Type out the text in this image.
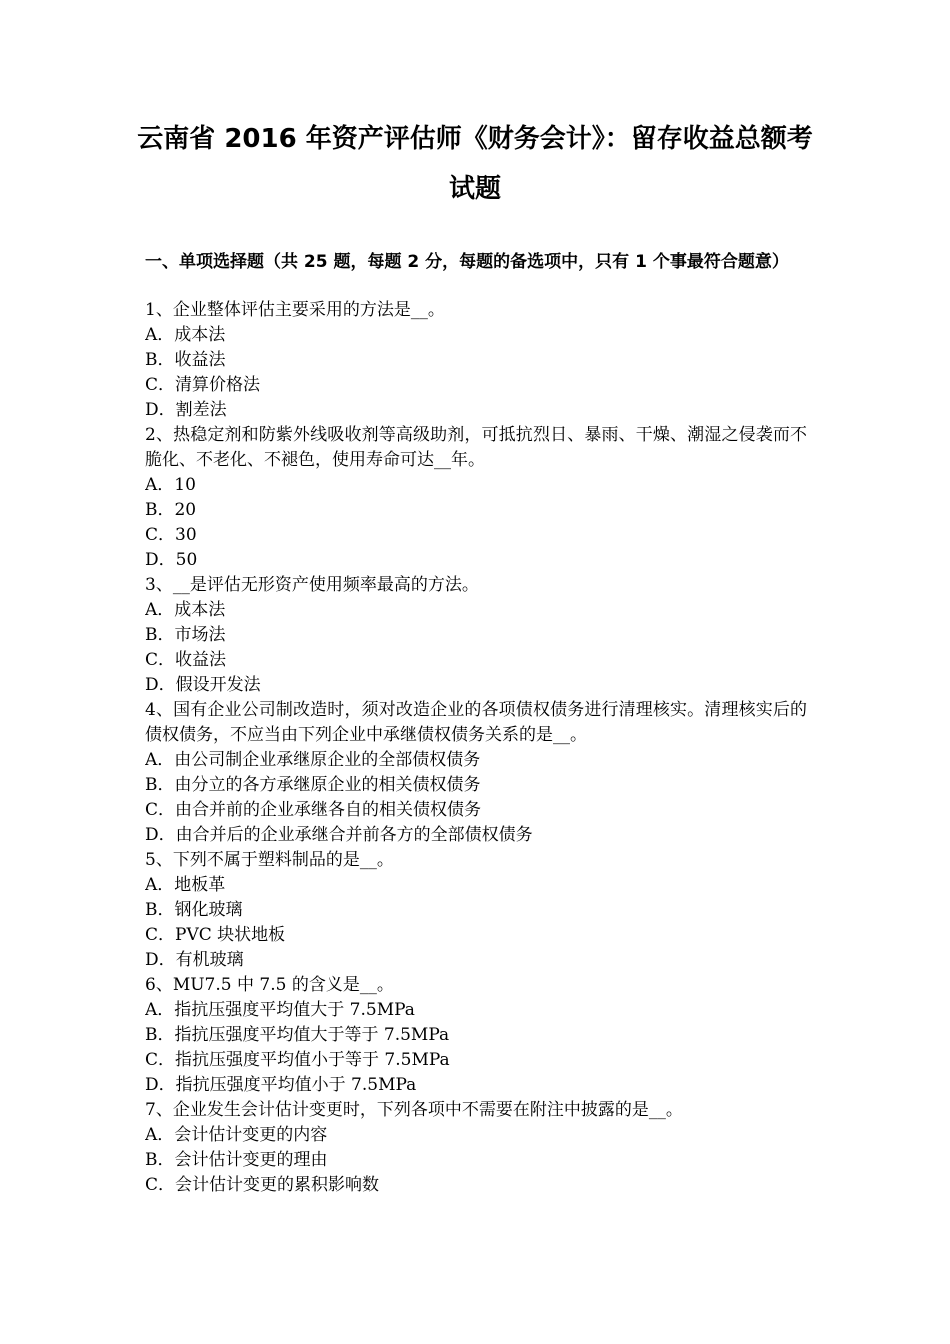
云南省 2016 年资产评估师《财务会计》：留存收益总额考
试题
一、单项选择题（共 25 题，每题 2 分，每题的备选项中，只有 1 个事最符合题意）
1、企业整体评估主要采用的方法是__。
A．成本法
B．收益法
C．清算价格法
D．割差法
2、热稳定剂和防紫外线吸收剂等高级助剂，可抵抗烈日、暴雨、干燥、潮湿之侵袭而不脆化、不老化、不褪色，使用寿命可达__年。
A．10
B．20
C．30
D．50
3、__是评估无形资产使用频率最高的方法。
A．成本法
B．市场法
C．收益法
D．假设开发法
4、国有企业公司制改造时，须对改造企业的各项债权债务进行清理核实。清理核实后的债权债务，不应当由下列企业中承继债权债务关系的是__。
A．由公司制企业承继原企业的全部债权债务
B．由分立的各方承继原企业的相关债权债务
C．由合并前的企业承继各自的相关债权债务
D．由合并后的企业承继合并前各方的全部债权债务
5、下列不属于塑料制品的是__。
A．地板革
B．钢化玻璃
C．PVC 块状地板
D．有机玻璃
6、MU7.5 中 7.5 的含义是__。
A．指抗压强度平均值大于 7.5MPa
B．指抗压强度平均值大于等于 7.5MPa
C．指抗压强度平均值小于等于 7.5MPa
D．指抗压强度平均值小于 7.5MPa
7、企业发生会计估计变更时，下列各项中不需要在附注中披露的是__。
A．会计估计变更的内容
B．会计估计变更的理由
C．会计估计变更的累积影响数
